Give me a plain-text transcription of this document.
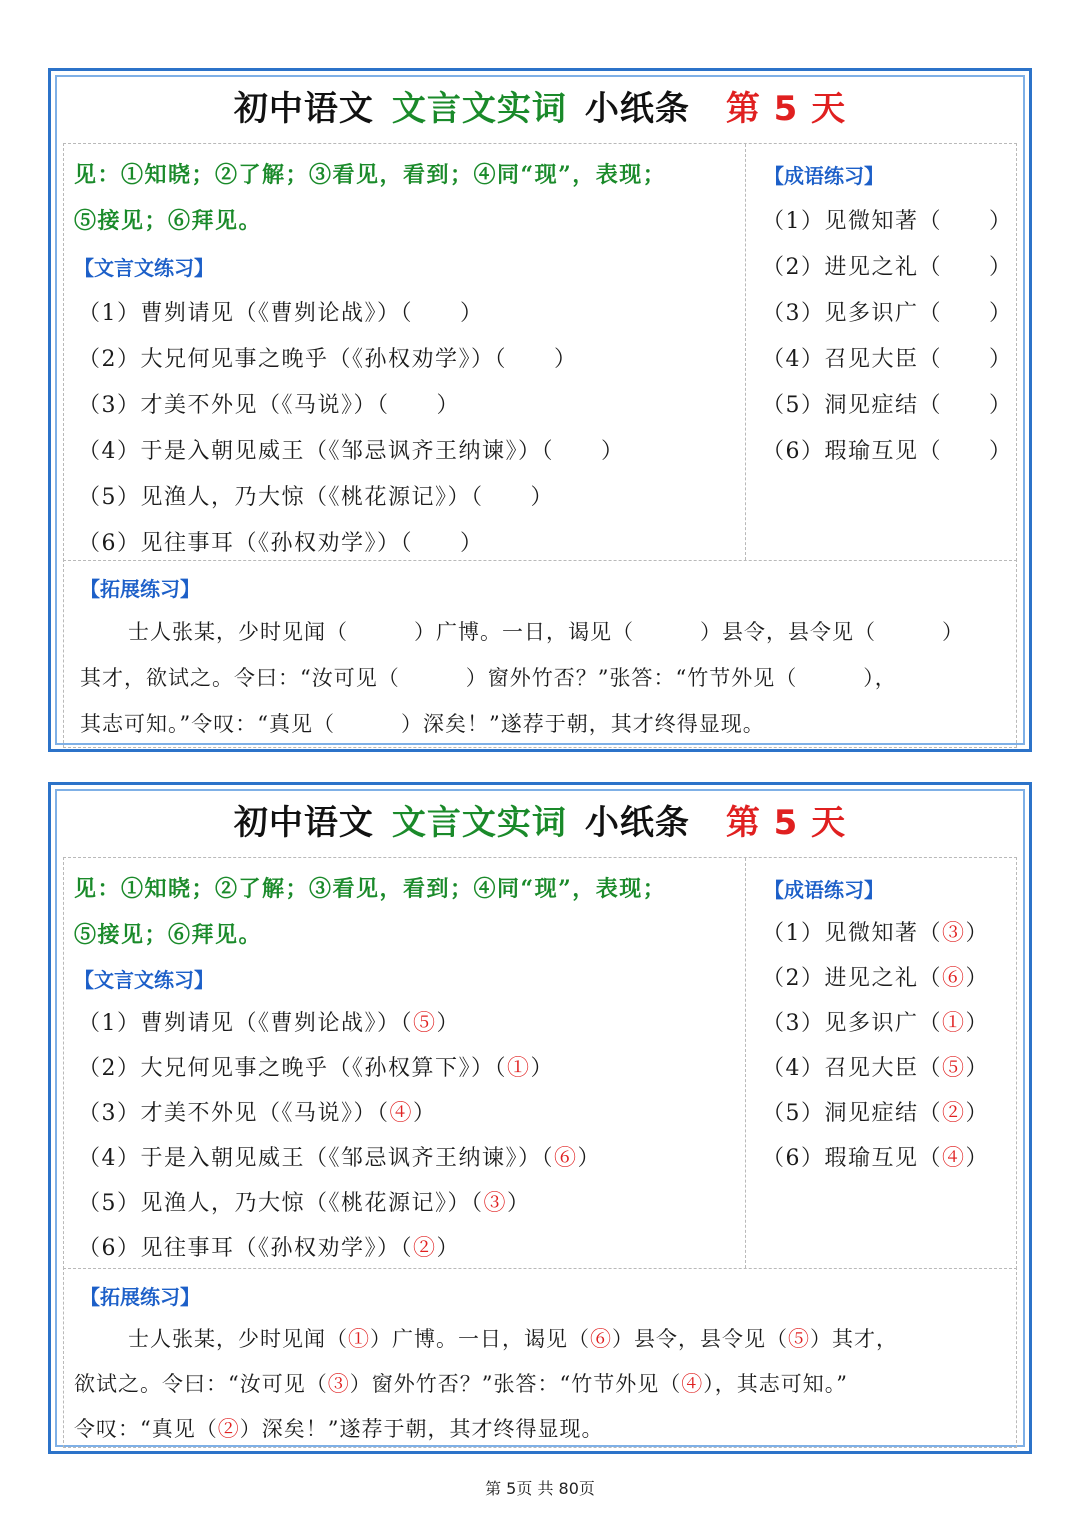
初中语文 文言文实词 小纸条 第 5 天
见：①知晓；②了解；③看见，看到；④同“现”，表现；
⑤接见；⑥拜见。
【文言文练习】
（1）曹刿请见（《曹刿论战》）（　　 ）
（2）大兄何见事之晚乎（《孙权劝学》）（　　 ）
（3）才美不外见（《马说》）（　　 ）
（4）于是入朝见威王（《邹忌讽齐王纳谏》）（　　 ）
（5）见渔人，乃大惊（《桃花源记》）（　　 ）
（6）见往事耳（《孙权劝学》）（　　 ）
【成语练习】
（1）见微知著（　　 ）
（2）进见之礼（　　 ）
（3）见多识广（　　 ）
（4）召见大臣（　　 ）
（5）洞见症结（　　 ）
（6）瑕瑜互见（　　 ）
【拓展练习】
士人张某，少时见闻（　　　）广博。一日，谒见（　　　）县令，县令见（　　　）
其才，欲试之。令曰：“汝可见（　　　）窗外竹否？”张答：“竹节外见（　　　），
其志可知。”令叹：“真见（　　　）深矣！”遂荐于朝，其才终得显现。
初中语文 文言文实词 小纸条 第 5 天
见：①知晓；②了解；③看见，看到；④同“现”，表现；
⑤接见；⑥拜见。
【文言文练习】
（1）曹刿请见（《曹刿论战》）（⑤）
（2）大兄何见事之晚乎（《孙权算下》）（①）
（3）才美不外见（《马说》）（④）
（4）于是入朝见威王（《邹忌讽齐王纳谏》）（⑥）
（5）见渔人，乃大惊（《桃花源记》）（③）
（6）见往事耳（《孙权劝学》）（②）
【成语练习】
（1）见微知著（③）
（2）进见之礼（⑥）
（3）见多识广（①）
（4）召见大臣（⑤）
（5）洞见症结（②）
（6）瑕瑜互见（④）
【拓展练习】
士人张某，少时见闻（①）广博。一日，谒见（⑥）县令，县令见（⑤）其才，
欲试之。令曰：“汝可见（③）窗外竹否？”张答：“竹节外见（④），其志可知。”
令叹：“真见（②）深矣！”遂荐于朝，其才终得显现。
第 5页 共 80页
